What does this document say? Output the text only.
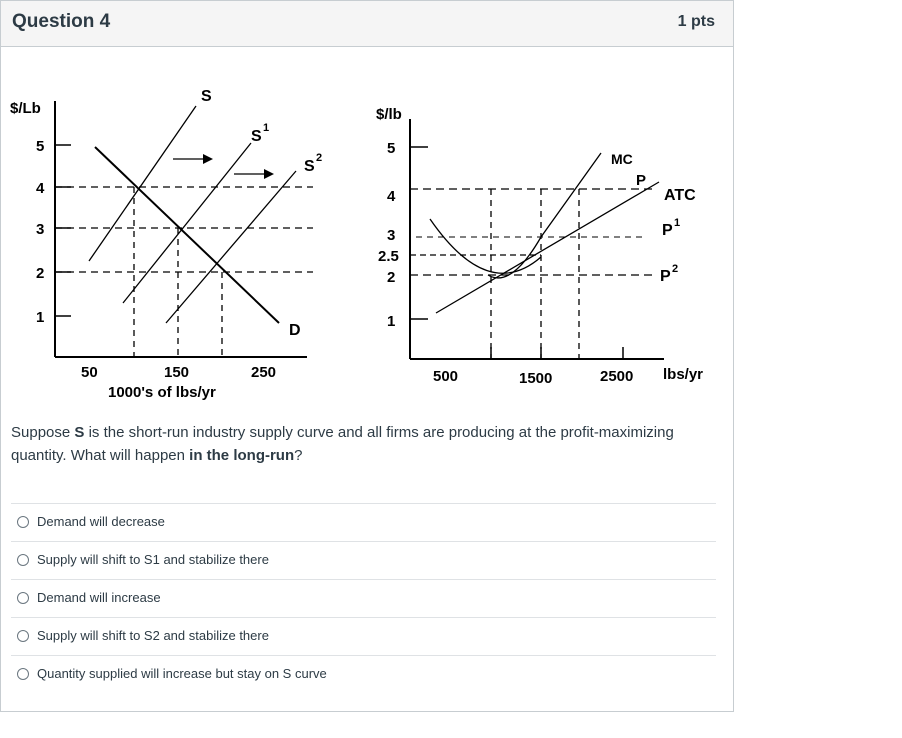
Question 4	1 pts
$/Lb
5
4
3
2
1
50	150	250
1000's of lbs/yr
S
S 1
S 2
D
$/lb
5
4
3
2.5
2
1
500	1500	2500 lbs/yr
MC
P
ATC
P 1
P 2
Suppose S is the short-run industry supply curve and all firms are producing at the profit-maximizing quantity. What will happen in the long-run?
Demand will decrease
Supply will shift to S1 and stabilize there
Demand will increase
Supply will shift to S2 and stabilize there
Quantity supplied will increase but stay on S curve
